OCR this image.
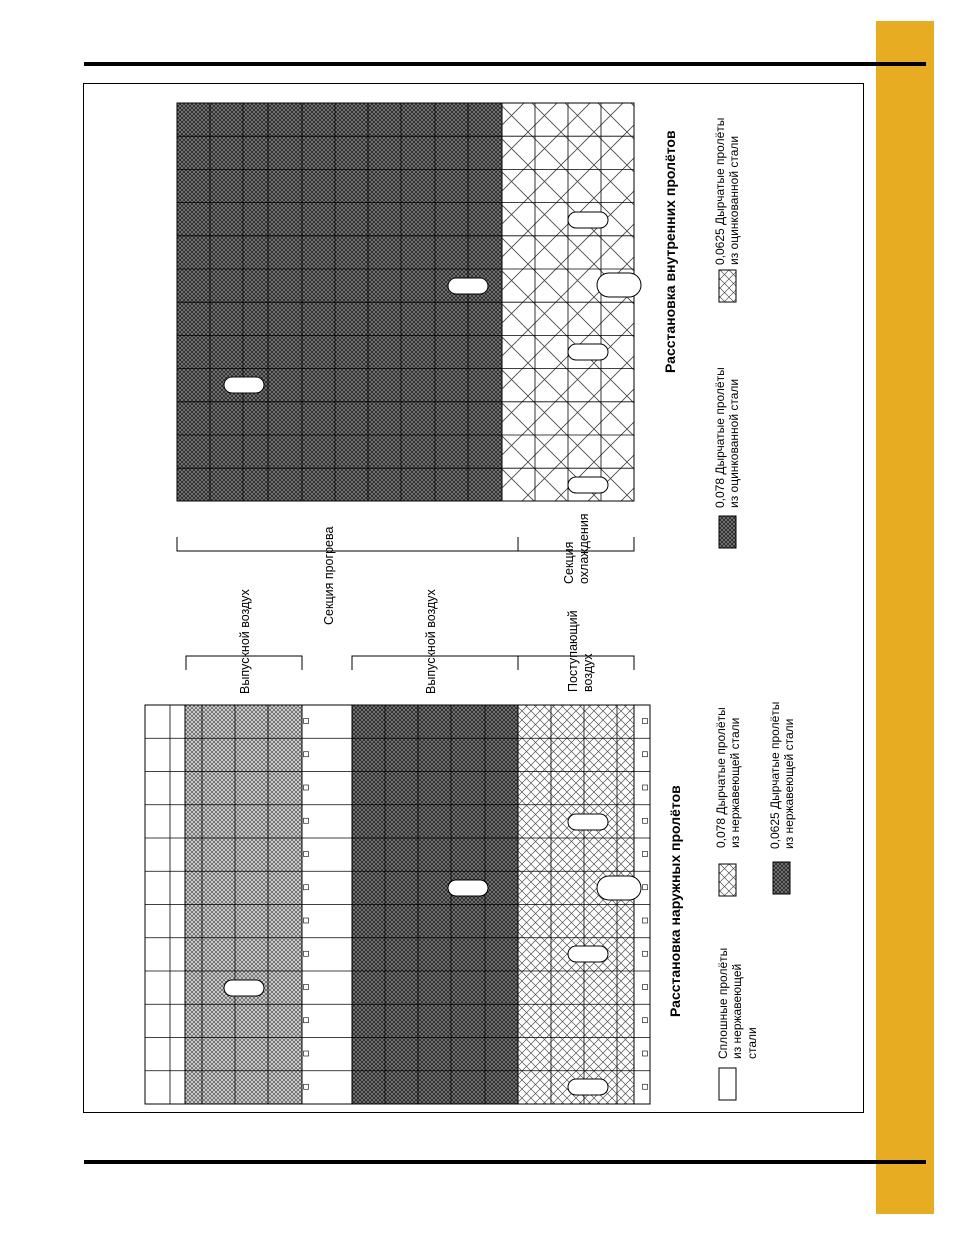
Выпускной воздух	Выпускной воздух	Поступающий
воздух
Секция прогрева	Секция
охлаждения
Расстановка наружных пролётов
Расстановка внутренних пролётов
Сплошные пролёты
из нержавеющей
стали
0,078 Дырчатые пролёты
из нержавеющей стали
0,0625 Дырчатые пролёты
из нержавеющей стали
0,078 Дырчатые пролёты
из оцинкованной стали
0,0625 Дырчатые пролёты
из оцинкованной стали
